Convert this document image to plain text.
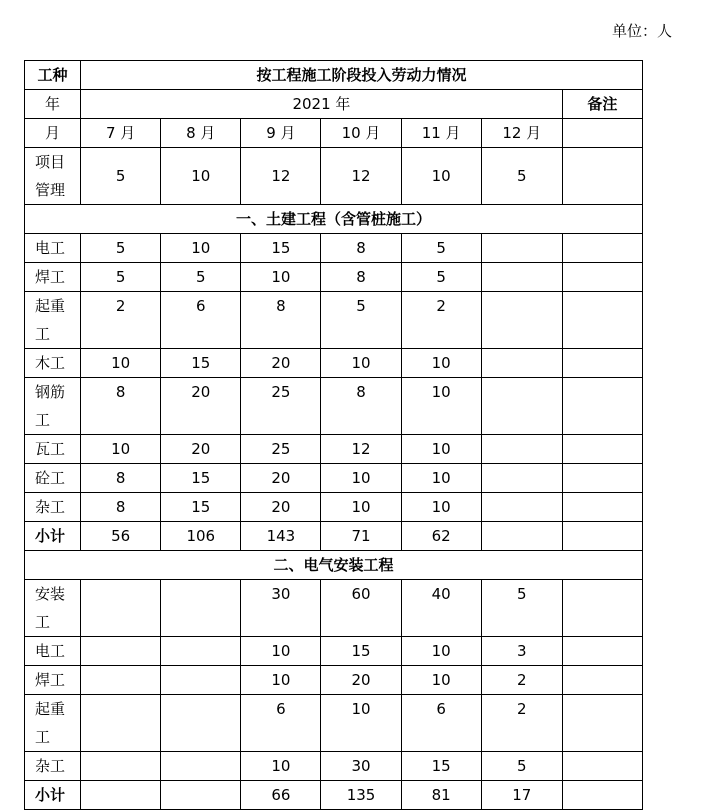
单位：人
工种	按工程施工阶段投入劳动力情况						
年	2021 年						备注
月	7 月	8 月	9 月	10 月	11 月	12 月	

项目管理	5	10	12	12	10	5	
一、土建工程（含管桩施工）							

电工	5	10	15	8	5		

焊工	5	5	10	8	5		

起重工	2	6	8	5	2		

木工	10	15	20	10	10		

钢筋工	8	20	25	8	10		

瓦工	10	20	25	12	10		

砼工	8	15	20	10	10		

杂工	8	15	20	10	10		

小计	56	106	143	71	62		
二、电气安装工程							

安装工			30	60	40	5	

电工			10	15	10	3	

焊工			10	20	10	2	

起重工			6	10	6	2	

杂工			10	30	15	5	

小计			66	135	81	17	
